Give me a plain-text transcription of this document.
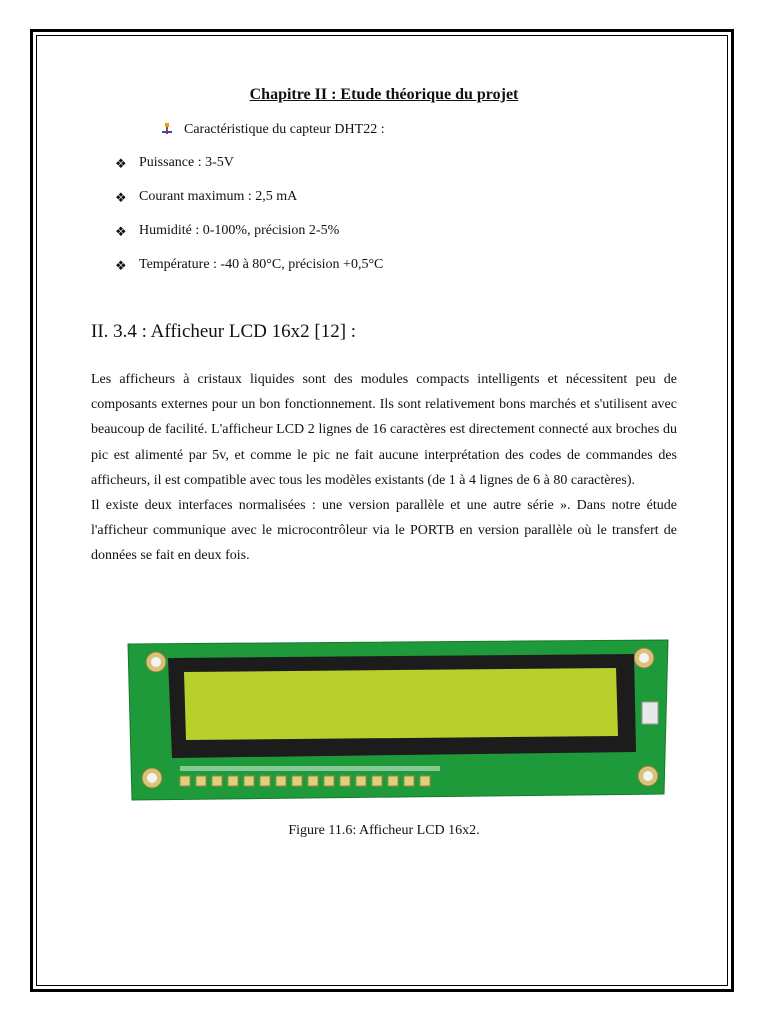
Chapitre II : Etude théorique du projet
Caractéristique du capteur DHT22 :
❖ Puissance : 3-5V
❖ Courant maximum : 2,5 mA
❖ Humidité : 0-100%, précision 2-5%
❖ Température : -40 à 80°C, précision +0,5°C
II. 3.4 : Afficheur LCD 16x2 [12] :
Les afficheurs à cristaux liquides sont des modules compacts intelligents et nécessitent peu de composants externes pour un bon fonctionnement. Ils sont relativement bons marchés et s'utilisent avec beaucoup de facilité. L'afficheur LCD 2 lignes de 16 caractères est directement connecté aux broches du pic est alimenté par 5v, et comme le pic ne fait aucune interprétation des codes de commandes des afficheurs, il est compatible avec tous les modèles existants (de 1 à 4 lignes de 6 à 80 caractères).
Il existe deux interfaces normalisées : une version parallèle et une autre série ». Dans notre étude l'afficheur communique avec le microcontrôleur via le PORTB en version parallèle où le transfert de données se fait en deux fois.
Figure 11.6: Afficheur LCD 16x2.
